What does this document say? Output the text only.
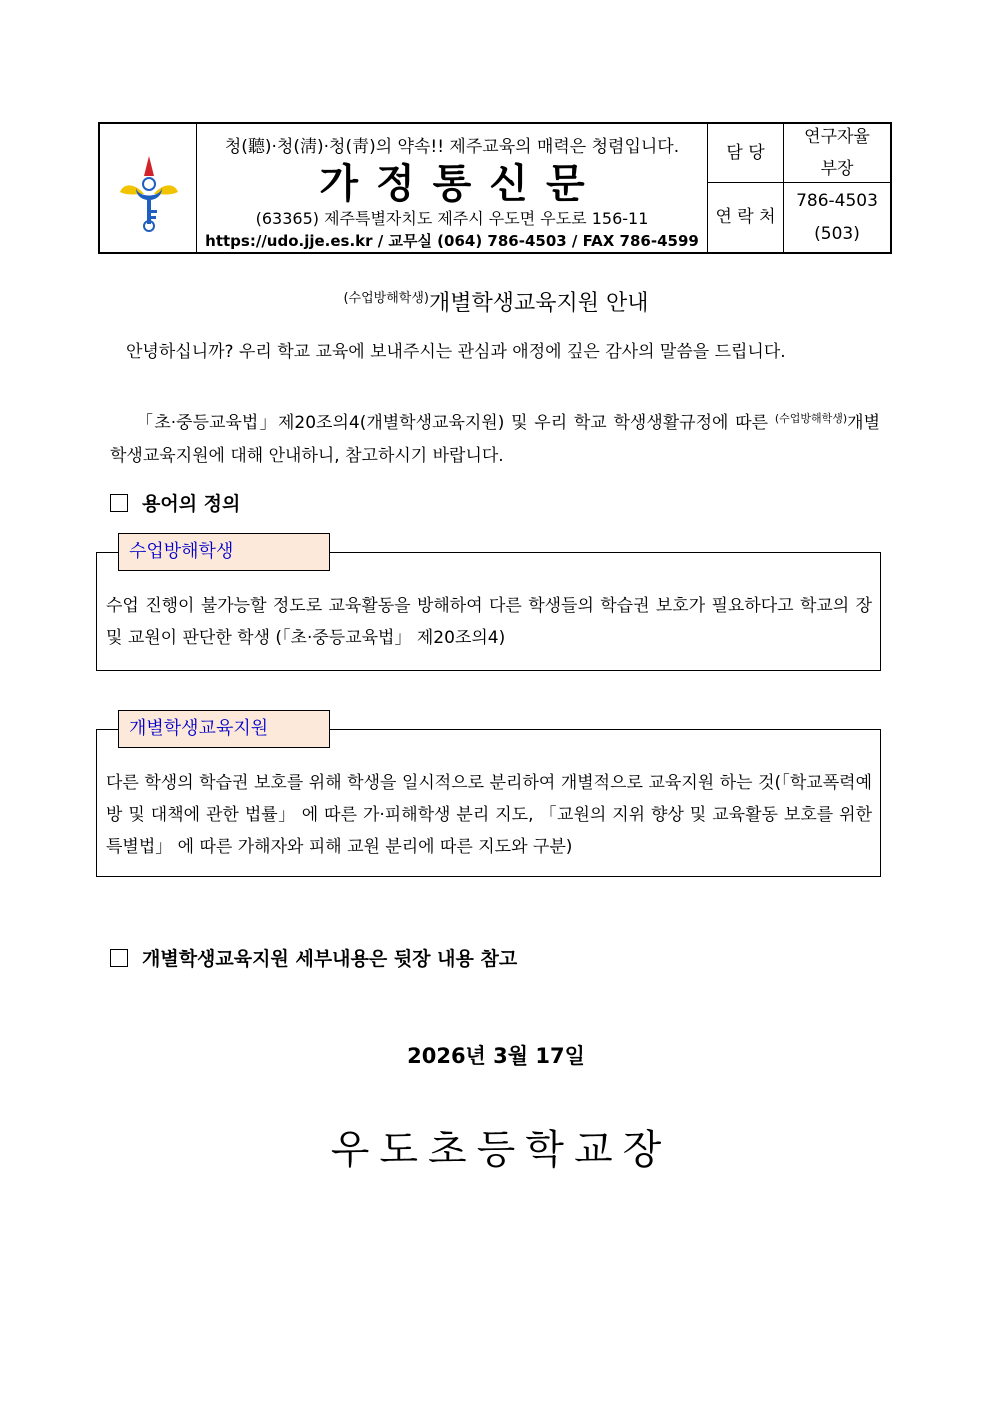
청(聽)·청(淸)·청(靑)의 약속!! 제주교육의 매력은 청렴입니다.
가정통신문
(63365) 제주특별자치도 제주시 우도면 우도로 156-11
https://udo.jje.es.kr / 교무실 (064) 786-4503 / FAX 786-4599
담 당
연구자율부장
연 락 처
786-4503(503)
$^{(수업방해학생)}$개별학생교육지원 안내
안녕하십니까? 우리 학교 교육에 보내주시는 관심과 애정에 깊은 감사의 말씀을 드립니다.
「초·중등교육법」제20조의4(개별학생교육지원) 및 우리 학교 학생생활규정에 따른 $^{(수업방해학생)}$개별학생교육지원에 대해 안내하니, 참고하시기 바랍니다.
용어의 정의
수업방해학생
수업 진행이 불가능할 정도로 교육활동을 방해하여 다른 학생들의 학습권 보호가 필요하다고 학교의 장 및 교원이 판단한 학생 (「초·중등교육법」 제20조의4)
개별학생교육지원
다른 학생의 학습권 보호를 위해 학생을 일시적으로 분리하여 개별적으로 교육지원 하는 것(「학교폭력예방 및 대책에 관한 법률」 에 따른 가·피해학생 분리 지도, 「교원의 지위 향상 및 교육활동 보호를 위한 특별법」 에 따른 가해자와 피해 교원 분리에 따른 지도와 구분)
개별학생교육지원 세부내용은 뒷장 내용 참고
2026년 3월 17일
우도초등학교장
